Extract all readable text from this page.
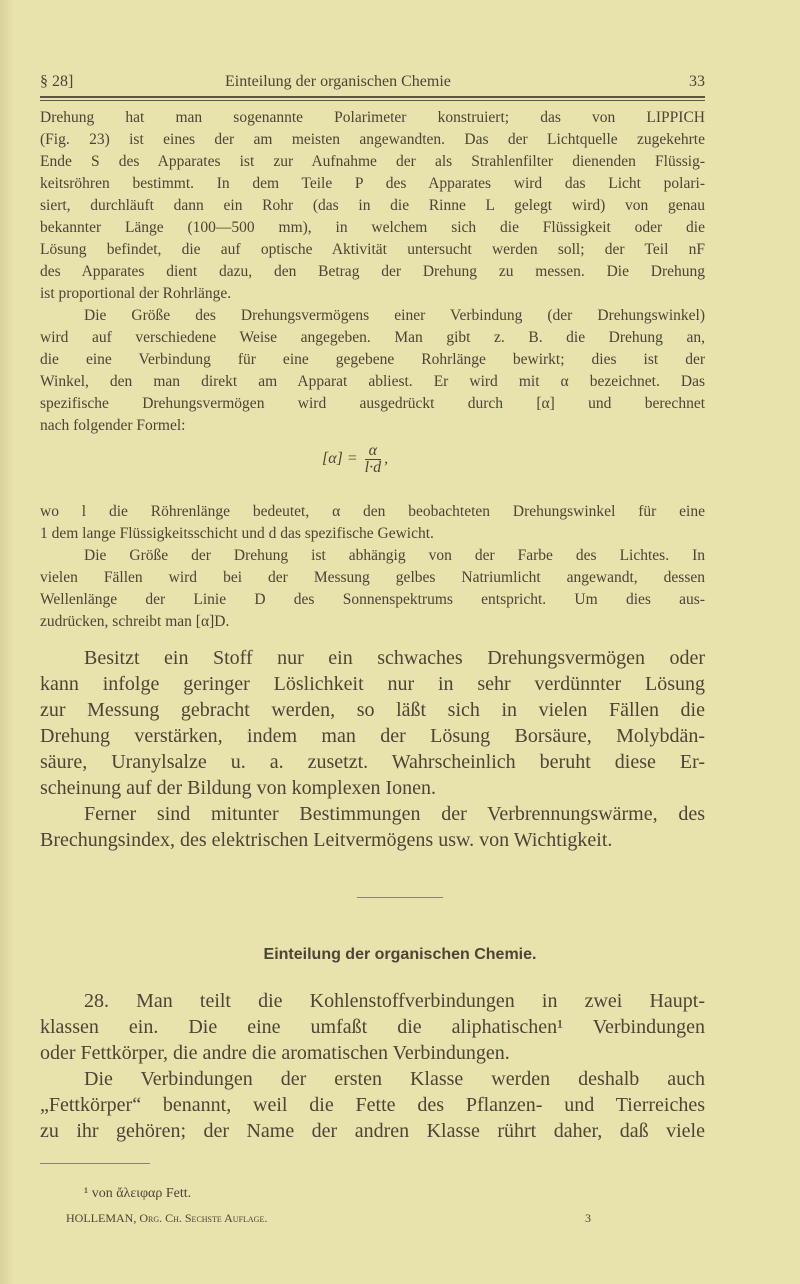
§ 28]	Einteilung der organischen Chemie	33
Drehung hat man sogenannte Polarimeter konstruiert; das von LIPPICH
(Fig. 23) ist eines der am meisten angewandten. Das der Lichtquelle zugekehrte
Ende S des Apparates ist zur Aufnahme der als Strahlenfilter dienenden Flüssig-
keitsröhren bestimmt. In dem Teile P des Apparates wird das Licht polari-
siert, durchläuft dann ein Rohr (das in die Rinne L gelegt wird) von genau
bekannter Länge (100—500 mm), in welchem sich die Flüssigkeit oder die
Lösung befindet, die auf optische Aktivität untersucht werden soll; der Teil nF
des Apparates dient dazu, den Betrag der Drehung zu messen. Die Drehung
ist proportional der Rohrlänge.
Die Größe des Drehungsvermögens einer Verbindung (der Drehungswinkel)
wird auf verschiedene Weise angegeben. Man gibt z. B. die Drehung an,
die eine Verbindung für eine gegebene Rohrlänge bewirkt; dies ist der
Winkel, den man direkt am Apparat abliest. Er wird mit α bezeichnet. Das
spezifische Drehungsvermögen wird ausgedrückt durch [α] und berechnet
nach folgender Formel:
$[\alpha] = \frac{\alpha}{l\cdot d}$ ,
wo l die Röhrenlänge bedeutet, α den beobachteten Drehungswinkel für eine
1 dem lange Flüssigkeitsschicht und d das spezifische Gewicht.
Die Größe der Drehung ist abhängig von der Farbe des Lichtes. In
vielen Fällen wird bei der Messung gelbes Natriumlicht angewandt, dessen
Wellenlänge der Linie D des Sonnenspektrums entspricht. Um dies aus-
zudrücken, schreibt man [α]D.
Besitzt ein Stoff nur ein schwaches Drehungsvermögen oder
kann infolge geringer Löslichkeit nur in sehr verdünnter Lösung
zur Messung gebracht werden, so läßt sich in vielen Fällen die
Drehung verstärken, indem man der Lösung Borsäure, Molybdän-
säure, Uranylsalze u. a. zusetzt. Wahrscheinlich beruht diese Er-
scheinung auf der Bildung von komplexen Ionen.
Ferner sind mitunter Bestimmungen der Verbrennungswärme, des
Brechungsindex, des elektrischen Leitvermögens usw. von Wichtigkeit.
Einteilung der organischen Chemie.
28. Man teilt die Kohlenstoffverbindungen in zwei Haupt-
klassen ein. Die eine umfaßt die aliphatischen¹ Verbindungen
oder Fettkörper, die andre die aromatischen Verbindungen.
Die Verbindungen der ersten Klasse werden deshalb auch
„Fettkörper“ benannt, weil die Fette des Pflanzen- und Tierreiches
zu ihr gehören; der Name der andren Klasse rührt daher, daß viele
¹ von ἄλειφαρ Fett.
HOLLEMAN, Org. Ch. Sechste Auflage.	3
